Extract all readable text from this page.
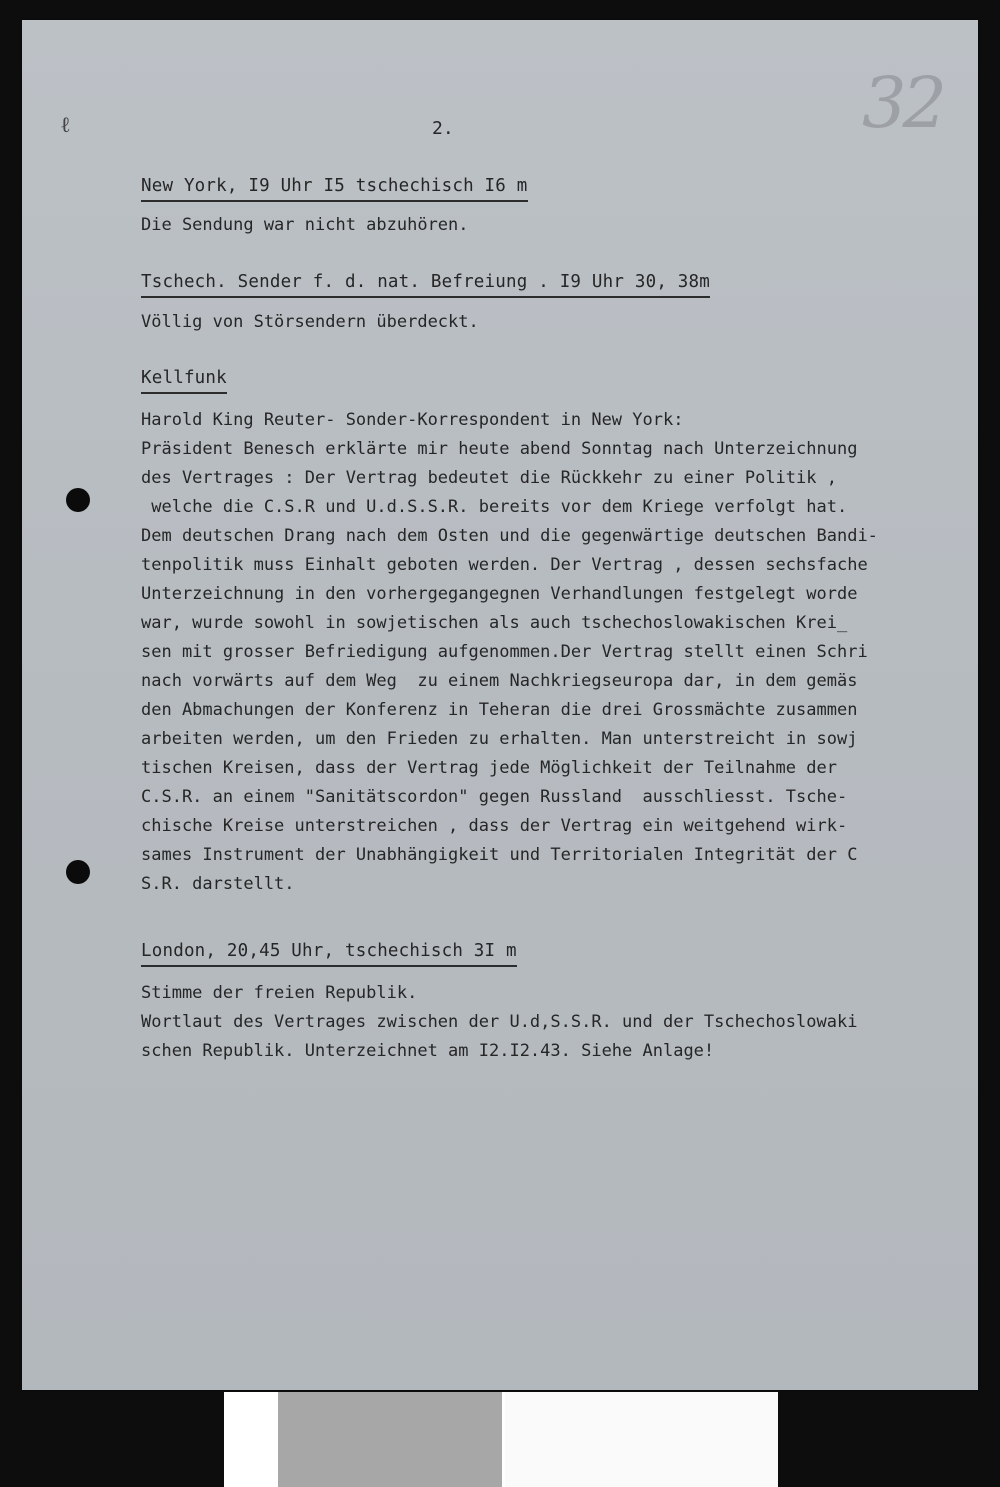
ℓ	32
2.
New York, I9 Uhr I5 tschechisch I6 m
Die Sendung war nicht abzuhören.
Tschech. Sender f. d. nat. Befreiung . I9 Uhr 30, 38m
Völlig von Störsendern überdeckt.
Kellfunk
Harold King Reuter- Sonder-Korrespondent in New York:
Präsident Benesch erklärte mir heute abend Sonntag nach Unterzeichnung
des Vertrages : Der Vertrag bedeutet die Rückkehr zu einer Politik ,
welche die C.S.R und U.d.S.S.R. bereits vor dem Kriege verfolgt hat.
Dem deutschen Drang nach dem Osten und die gegenwärtige deutschen Bandi-
tenpolitik muss Einhalt geboten werden. Der Vertrag , dessen sechsfache
Unterzeichnung in den vorhergegangegnen Verhandlungen festgelegt worde
war, wurde sowohl in sowjetischen als auch tschechoslowakischen Krei_
sen mit grosser Befriedigung aufgenommen.Der Vertrag stellt einen Schri
nach vorwärts auf dem Weg  zu einem Nachkriegseuropa dar, in dem gemäs
den Abmachungen der Konferenz in Teheran die drei Grossmächte zusammen
arbeiten werden, um den Frieden zu erhalten. Man unterstreicht in sowj
tischen Kreisen, dass der Vertrag jede Möglichkeit der Teilnahme der
C.S.R. an einem "Sanitätscordon" gegen Russland  ausschliesst. Tsche-
chische Kreise unterstreichen , dass der Vertrag ein weitgehend wirk-
sames Instrument der Unabhängigkeit und Territorialen Integrität der C
S.R. darstellt.
London, 20,45 Uhr, tschechisch 3I m
Stimme der freien Republik.
Wortlaut des Vertrages zwischen der U.d,S.S.R. und der Tschechoslowaki
schen Republik. Unterzeichnet am I2.I2.43. Siehe Anlage!
